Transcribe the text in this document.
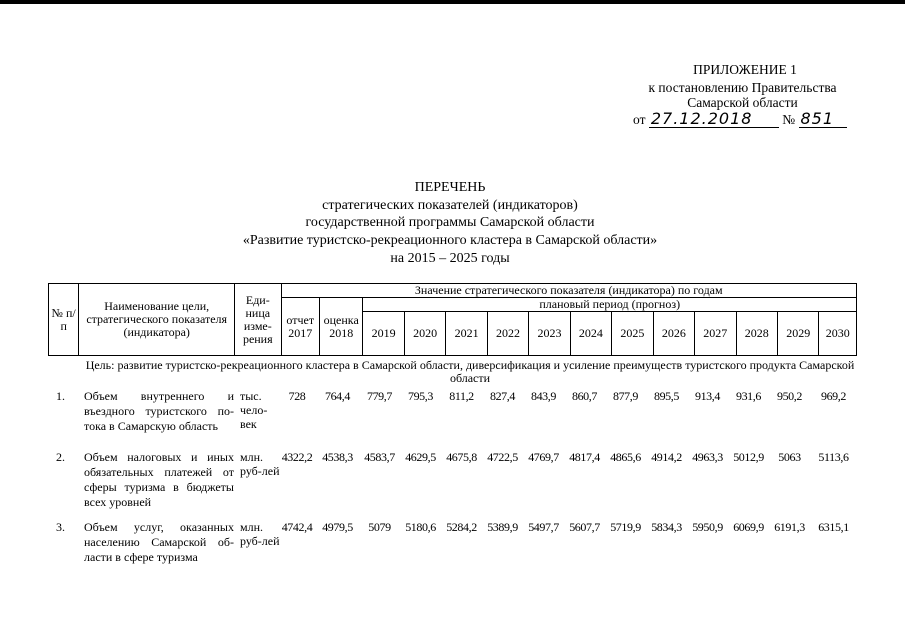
ПРИЛОЖЕНИЕ 1
к постановлению Правительства
Самарской области
от 27.12.2018 № 851
ПЕРЕЧЕНЬ
стратегических показателей (индикаторов)
государственной программы Самарской области
«Развитие туристско-рекреационного кластера в Самарской области»
на 2015 – 2025 годы
№ п/п	Наименование цели, стратегического показателя (индикатора)	Еди-ница изме-рения	Значение стратегического показателя (индикатора) по годам													
			отчет 2017	оценка 2018	плановый период (прогноз)											
					2019	2020	2021	2022	2023	2024	2025	2026	2027	2028	2029	2030
Цель: развитие туристско-рекреационного кластера в Самарской области, диверсификация и усиление преимуществ туристского продукта Самарской области
1. Объем внутреннего и въездного туристского по-тока в Самарскую область
тыс. чело-век
728	764,4	779,7	795,3	811,2	827,4	843,9	860,7	877,9	895,5	913,4	931,6	950,2	969,2
2. Объем налоговых и иных обязательных платежей от сферы туризма в бюджеты всех уровней
млн. руб-лей
4322,2 4538,3 4583,7 4629,5 4675,8 4722,5 4769,7 4817,4 4865,6 4914,2 4963,3 5012,9	5063	5113,6
3. Объем услуг, оказанных населению Самарской об-ласти в сфере туризма
млн. руб-лей
4742,4 4979,5	5079	5180,6 5284,2 5389,9 5497,7 5607,7 5719,9 5834,3 5950,9 6069,9 6191,3	6315,1
